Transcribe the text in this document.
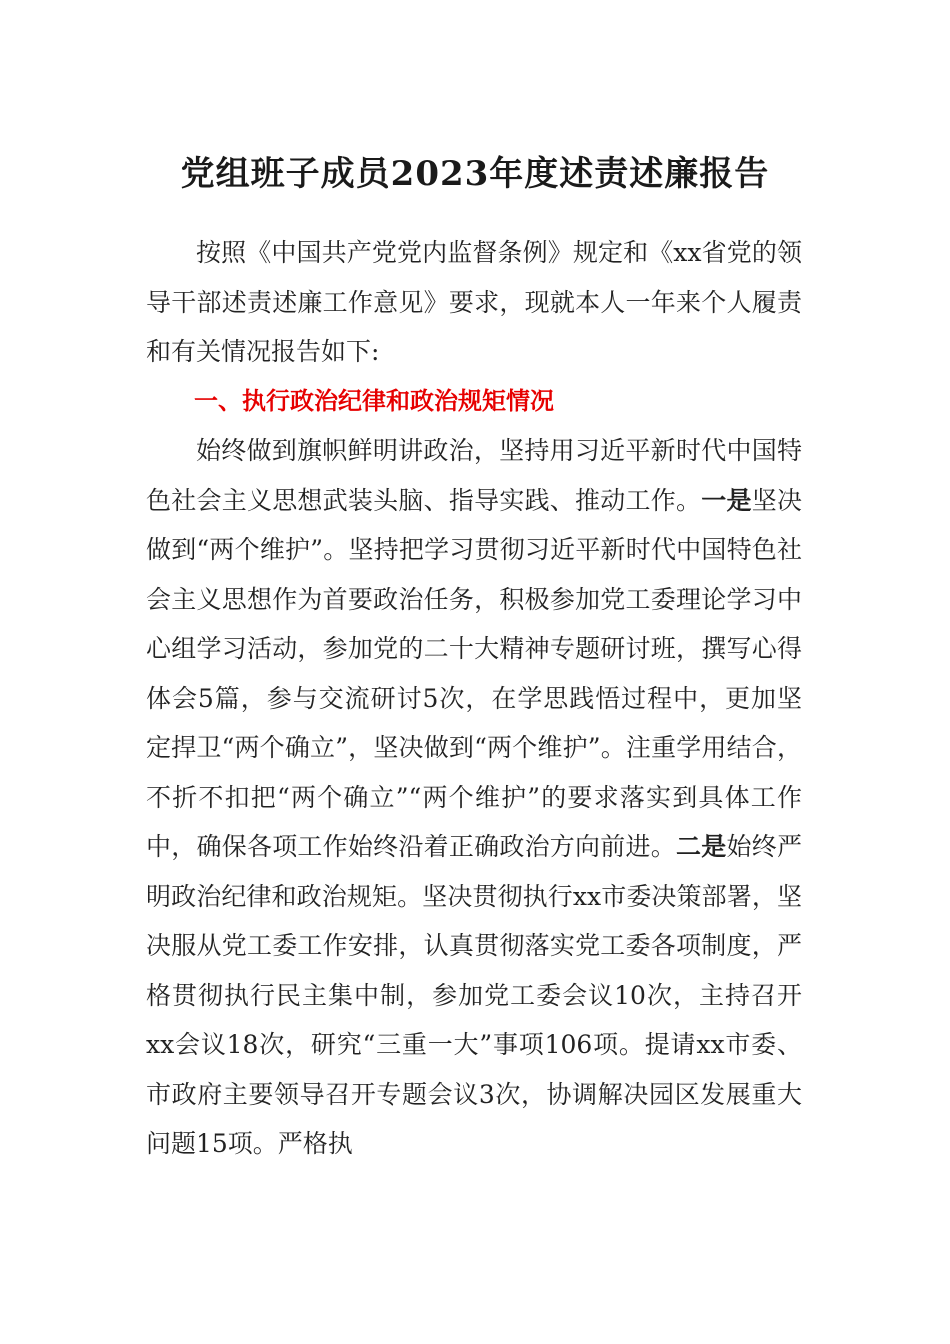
党组班子成员2023年度述责述廉报告

按照《中国共产党党内监督条例》规定和《xx省党的领导干部述责述廉工作意见》要求，现就本人一年来个人履责和有关情况报告如下:

一、执行政治纪律和政治规矩情况

始终做到旗帜鲜明讲政治，坚持用习近平新时代中国特色社会主义思想武装头脑、指导实践、推动工作。一是坚决做到“两个维护”。坚持把学习贯彻习近平新时代中国特色社会主义思想作为首要政治任务，积极参加党工委理论学习中心组学习活动，参加党的二十大精神专题研讨班，撰写心得体会5篇，参与交流研讨5次，在学思践悟过程中，更加坚定捍卫“两个确立”，坚决做到“两个维护”。注重学用结合，不折不扣把“两个确立”“两个维护”的要求落实到具体工作中，确保各项工作始终沿着正确政治方向前进。二是始终严明政治纪律和政治规矩。坚决贯彻执行xx市委决策部署，坚决服从党工委工作安排，认真贯彻落实党工委各项制度，严格贯彻执行民主集中制，参加党工委会议10次，主持召开xx会议18次，研究“三重一大”事项106项。提请xx市委、市政府主要领导召开专题会议3次，协调解决园区发展重大问题15项。严格执
